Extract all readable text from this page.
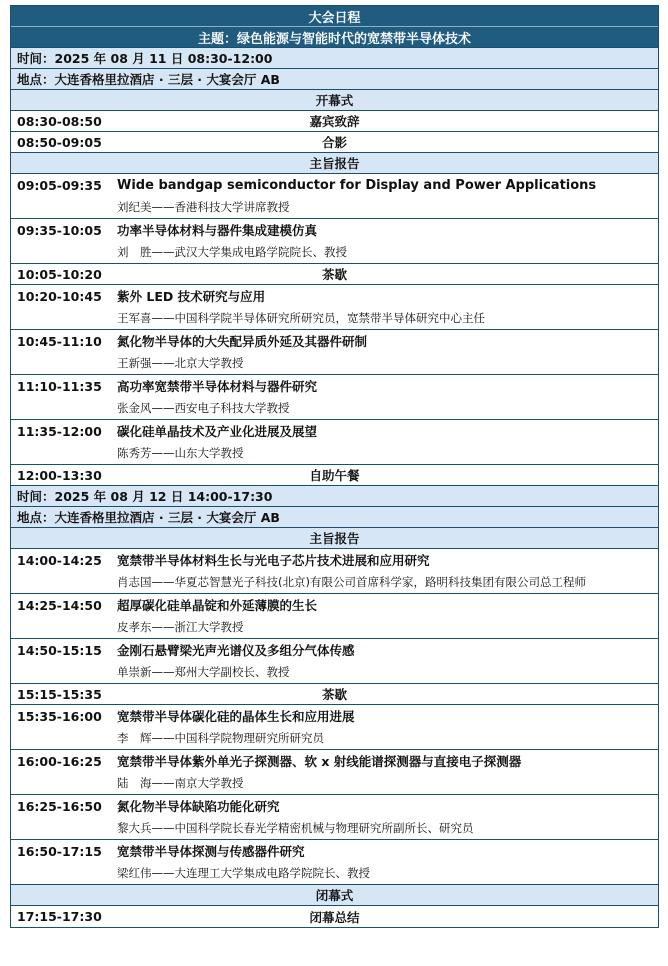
大会日程
主题：绿色能源与智能时代的宽禁带半导体技术
时间：2025 年 08 月 11 日 08:30-12:00
地点：大连香格里拉酒店 · 三层 · 大宴会厅 AB
开幕式
08:30-08:50	嘉宾致辞
08:50-09:05	合影
主旨报告
09:05-09:35	Wide bandgap semiconductor for Display and Power Applications
刘纪美——香港科技大学讲席教授
09:35-10:05	功率半导体材料与器件集成建模仿真
刘　胜——武汉大学集成电路学院院长、教授
10:05-10:20	茶歇
10:20-10:45	紫外 LED 技术研究与应用
王军喜——中国科学院半导体研究所研究员，宽禁带半导体研究中心主任
10:45-11:10	氮化物半导体的大失配异质外延及其器件研制
王新强——北京大学教授
11:10-11:35	高功率宽禁带半导体材料与器件研究
张金风——西安电子科技大学教授
11:35-12:00	碳化硅单晶技术及产业化进展及展望
陈秀芳——山东大学教授
12:00-13:30	自助午餐
时间：2025 年 08 月 12 日 14:00-17:30
地点：大连香格里拉酒店 · 三层 · 大宴会厅 AB
主旨报告
14:00-14:25	宽禁带半导体材料生长与光电子芯片技术进展和应用研究
肖志国——华夏芯智慧光子科技(北京)有限公司首席科学家，路明科技集团有限公司总工程师
14:25-14:50	超厚碳化硅单晶锭和外延薄膜的生长
皮孝东——浙江大学教授
14:50-15:15	金刚石悬臂梁光声光谱仪及多组分气体传感
单崇新——郑州大学副校长、教授
15:15-15:35	茶歇
15:35-16:00	宽禁带半导体碳化硅的晶体生长和应用进展
李　辉——中国科学院物理研究所研究员
16:00-16:25	宽禁带半导体紫外单光子探测器、软 x 射线能谱探测器与直接电子探测器
陆　海——南京大学教授
16:25-16:50	氮化物半导体缺陷功能化研究
黎大兵——中国科学院长春光学精密机械与物理研究所副所长、研究员
16:50-17:15	宽禁带半导体探测与传感器件研究
梁红伟——大连理工大学集成电路学院院长、教授
闭幕式
17:15-17:30	闭幕总结
